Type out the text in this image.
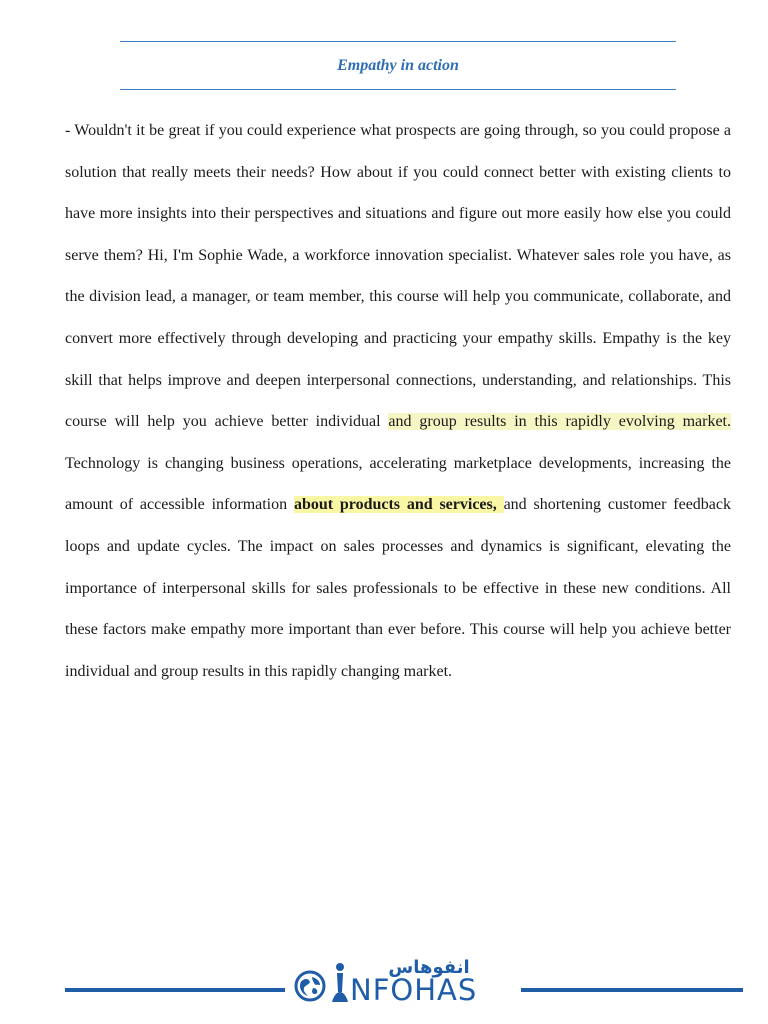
Empathy in action

- Wouldn't it be great if you could experience what prospects are going through, so you could propose a solution that really meets their needs? How about if you could connect better with existing clients to have more insights into their perspectives and situations and figure out more easily how else you could serve them? Hi, I'm Sophie Wade, a workforce innovation specialist. Whatever sales role you have, as the division lead, a manager, or team member, this course will help you communicate, collaborate, and convert more effectively through developing and practicing your empathy skills. Empathy is the key skill that helps improve and deepen interpersonal connections, understanding, and relationships. This course will help you achieve better individual and group results in this rapidly evolving market. Technology is changing business operations, accelerating marketplace developments, increasing the amount of accessible information about products and services, and shortening customer feedback loops and update cycles. The impact on sales processes and dynamics is significant, elevating the importance of interpersonal skills for sales professionals to be effective in these new conditions. All these factors make empathy more important than ever before. This course will help you achieve better individual and group results in this rapidly changing market.

انفوهاس
NFOHAS
